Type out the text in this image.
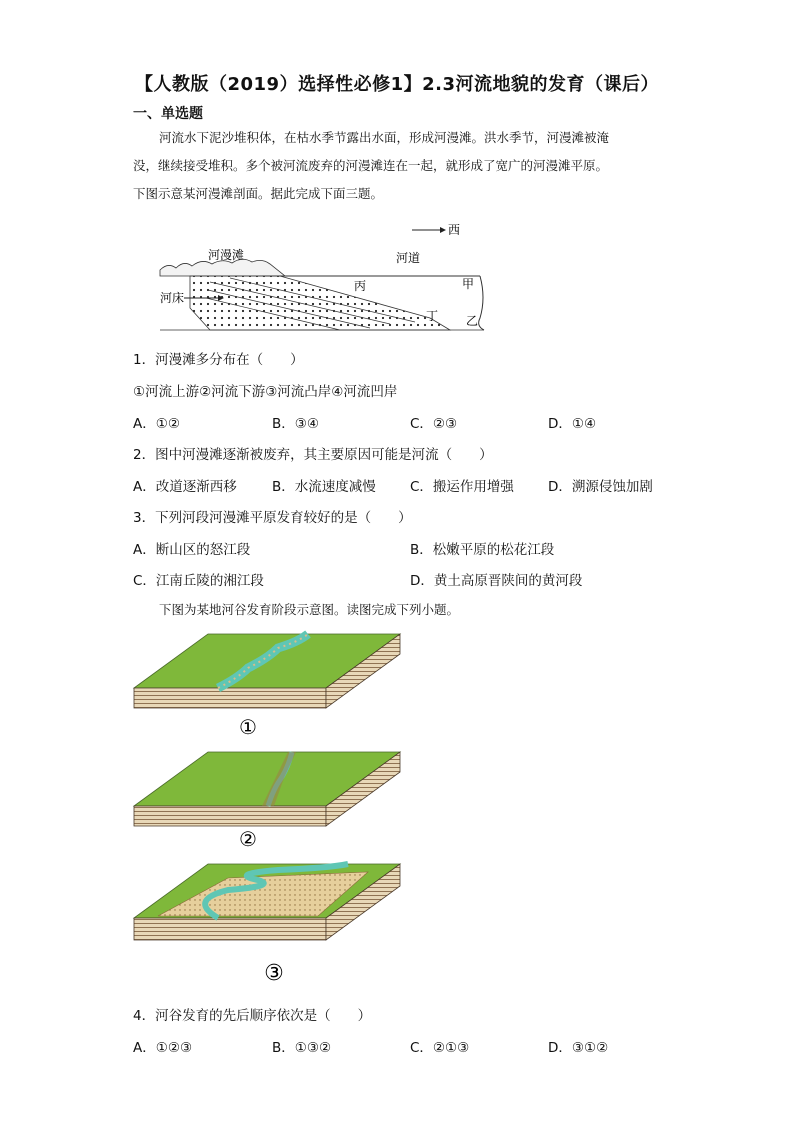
【人教版（2019）选择性必修1】2.3河流地貌的发育（课后）
一、单选题
河流水下泥沙堆积体，在枯水季节露出水面，形成河漫滩。洪水季节，河漫滩被淹
没，继续接受堆积。多个被河流废弃的河漫滩连在一起，就形成了宽广的河漫滩平原。
下图示意某河漫滩剖面。据此完成下面三题。
西
河漫滩	河道
丙	甲
丁 乙
河床
1．河漫滩多分布在（　　）
①河流上游②河流下游③河流凸岸④河流凹岸
A．①②	B．③④	C．②③	D．①④
2．图中河漫滩逐渐被废弃，其主要原因可能是河流（　　）
A．改道逐渐西移	B．水流速度减慢	C．搬运作用增强	D．溯源侵蚀加剧
3．下列河段河漫滩平原发育较好的是（　　）
A．断山区的怒江段	B．松嫩平原的松花江段
C．江南丘陵的湘江段	D．黄土高原晋陕间的黄河段
下图为某地河谷发育阶段示意图。读图完成下列小题。
①
②
③
4．河谷发育的先后顺序依次是（　　）
A．①②③	B．①③②	C．②①③	D．③①②
